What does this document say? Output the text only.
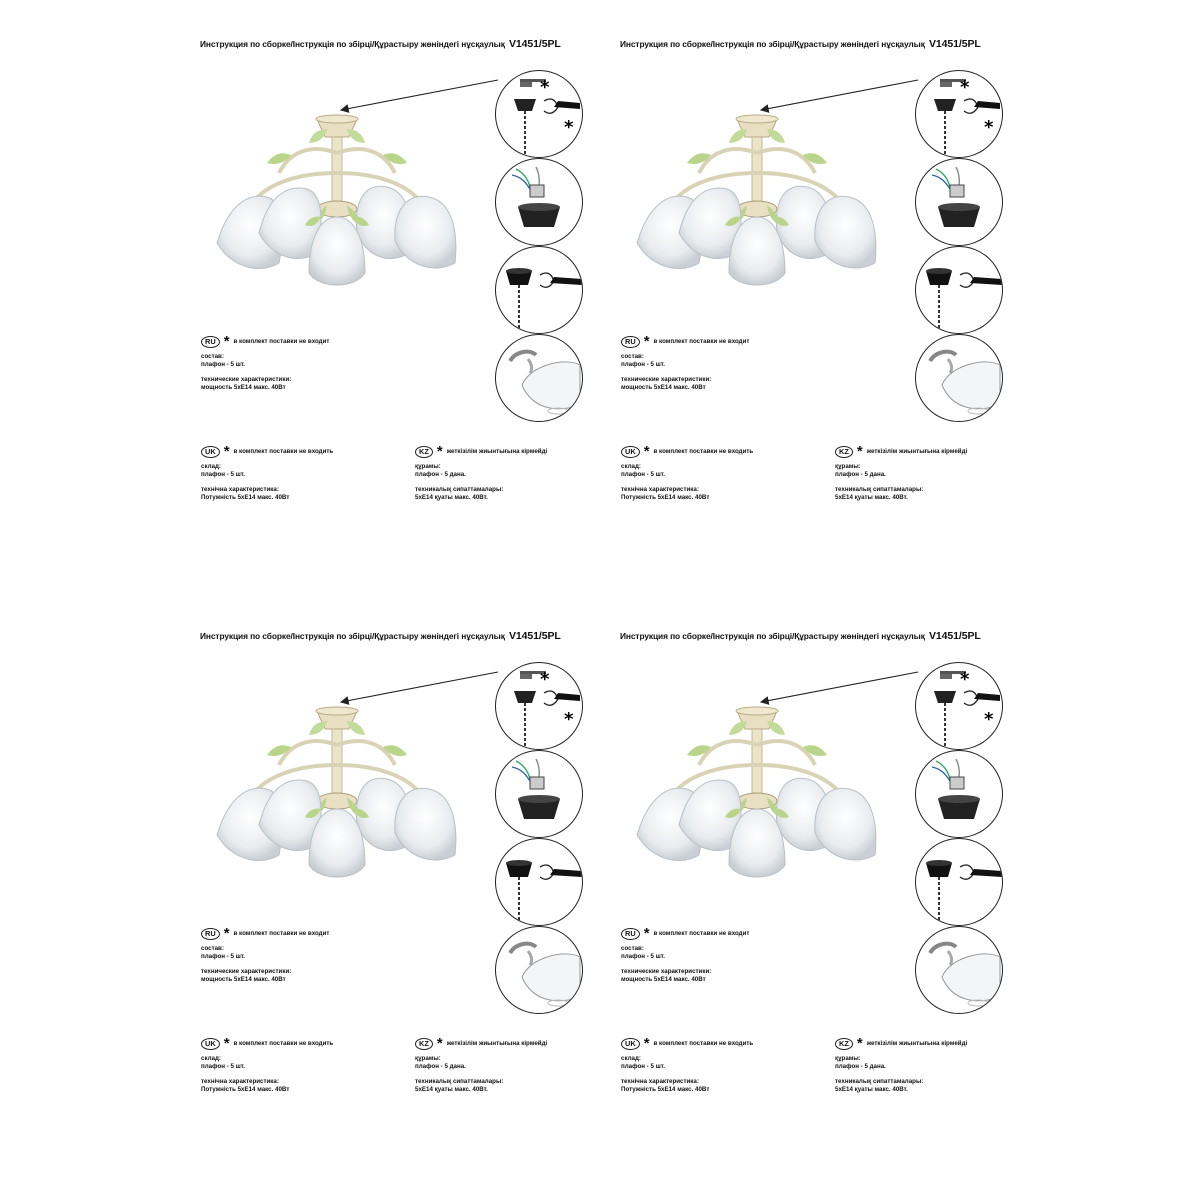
Инструкция по сборке/Інструкція по збірці/Құрастыру жөніндегі нұсқаулық V1451/5PL
*
*
RU * в комплект поставки не входит
состав:
плафон - 5 шт.
технические характеристики:
мощность 5хЕ14 макс. 40Вт
UK * в комплект поставки не входить
склад:
плафон - 5 шт.
технічна характеристика:
Потужність 5хЕ14 макс. 40Вт
KZ * жеткізілім жиынтығына кірмейді
құрамы:
плафон - 5 дана.
техникалық сипаттамалары:
5хЕ14 қуаты макс. 40Вт.
Инструкция по сборке/Інструкція по збірці/Құрастыру жөніндегі нұсқаулық V1451/5PL
*
*
RU * в комплект поставки не входит
состав:
плафон - 5 шт.
технические характеристики:
мощность 5хЕ14 макс. 40Вт
UK * в комплект поставки не входить
склад:
плафон - 5 шт.
технічна характеристика:
Потужність 5хЕ14 макс. 40Вт
KZ * жеткізілім жиынтығына кірмейді
құрамы:
плафон - 5 дана.
техникалық сипаттамалары:
5хЕ14 қуаты макс. 40Вт.
Инструкция по сборке/Інструкція по збірці/Құрастыру жөніндегі нұсқаулық V1451/5PL
*
*
RU * в комплект поставки не входит
состав:
плафон - 5 шт.
технические характеристики:
мощность 5хЕ14 макс. 40Вт
UK * в комплект поставки не входить
склад:
плафон - 5 шт.
технічна характеристика:
Потужність 5хЕ14 макс. 40Вт
KZ * жеткізілім жиынтығына кірмейді
құрамы:
плафон - 5 дана.
техникалық сипаттамалары:
5хЕ14 қуаты макс. 40Вт.
Инструкция по сборке/Інструкція по збірці/Құрастыру жөніндегі нұсқаулық V1451/5PL
*
*
RU * в комплект поставки не входит
состав:
плафон - 5 шт.
технические характеристики:
мощность 5хЕ14 макс. 40Вт
UK * в комплект поставки не входить
склад:
плафон - 5 шт.
технічна характеристика:
Потужність 5хЕ14 макс. 40Вт
KZ * жеткізілім жиынтығына кірмейді
құрамы:
плафон - 5 дана.
техникалық сипаттамалары:
5хЕ14 қуаты макс. 40Вт.
